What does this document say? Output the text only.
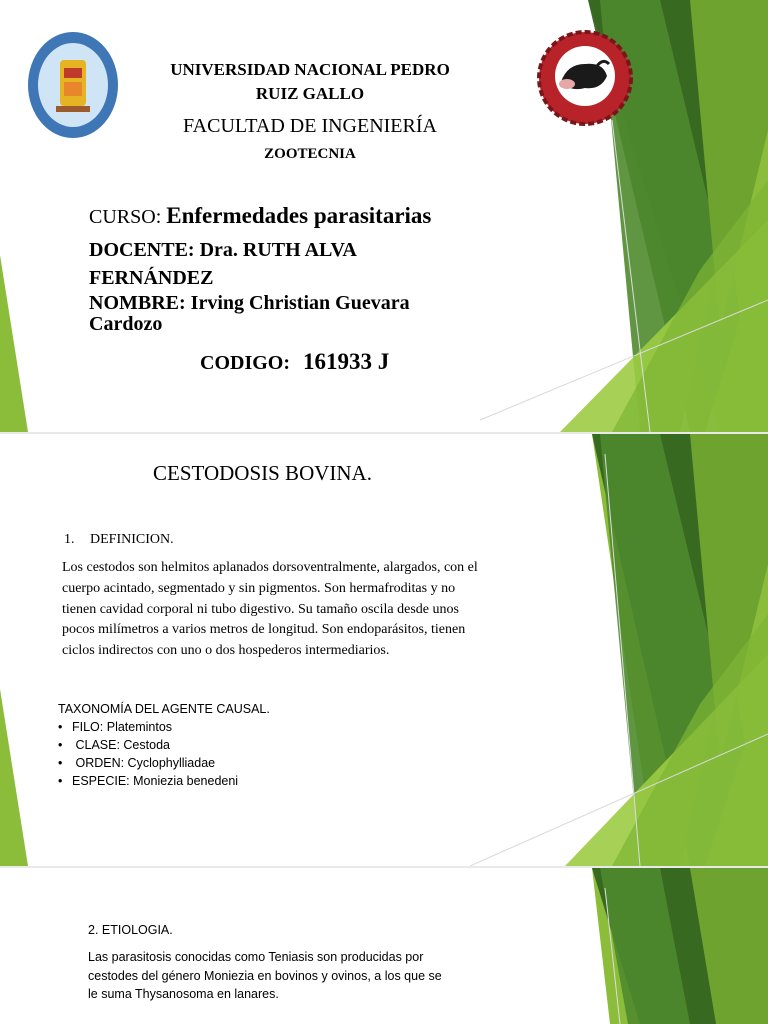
UNIVERSIDAD NACIONAL PEDRO
RUIZ GALLO

FACULTAD DE INGENIERÍA

ZOOTECNIA

CURSO: Enfermedades parasitarias

DOCENTE: Dra. RUTH ALVA

FERNÁNDEZ

NOMBRE: Irving Christian Guevara

Cardozo

CODIGO: 161933 J

CESTODOSIS BOVINA.

1. DEFINICION.

Los cestodos son helmitos aplanados dorsoventralmente, alargados, con el
cuerpo acintado, segmentado y sin pigmentos. Son hermafroditas y no
tienen cavidad corporal ni tubo digestivo. Su tamaño oscila desde unos
pocos milímetros a varios metros de longitud. Son endoparásitos, tienen
ciclos indirectos con uno o dos hospederos intermediarios.
TAXONOMÍA DEL AGENTE CAUSAL.
• FILO: Platemintos
•  CLASE: Cestoda
•  ORDEN: Cyclophylliadae
• ESPECIE: Moniezia benedeni

2. ETIOLOGIA.

Las parasitosis conocidas como Teniasis son producidas por
cestodes del género Moniezia en bovinos y ovinos, a los que se
le suma Thysanosoma en lanares.
